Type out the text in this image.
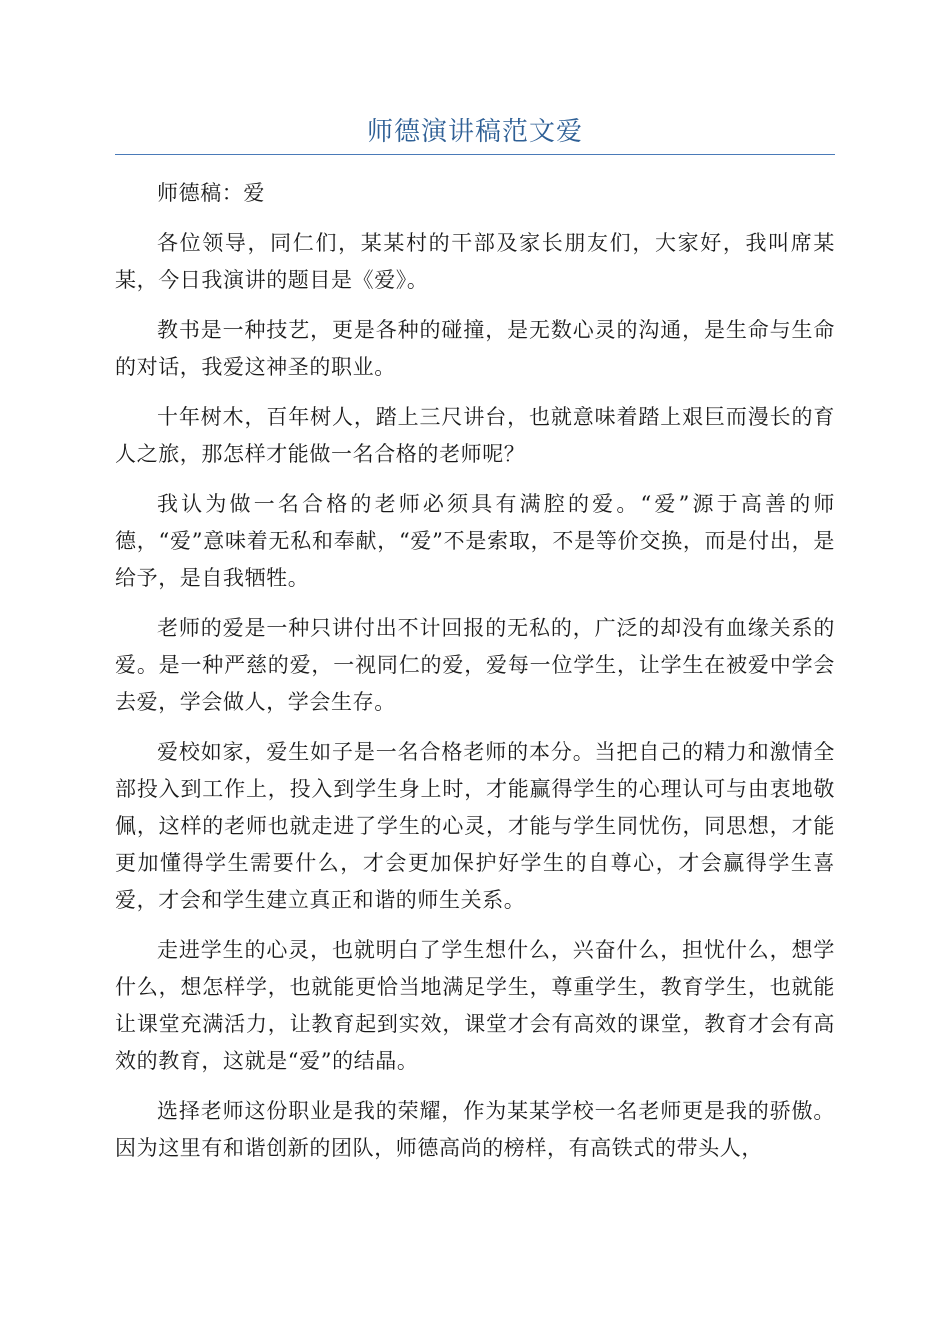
师德演讲稿范文爱

师德稿：爱

各位领导，同仁们，某某村的干部及家长朋友们，大家好，我叫席某某，今日我演讲的题目是《爱》。

教书是一种技艺，更是各种的碰撞，是无数心灵的沟通，是生命与生命的对话，我爱这神圣的职业。

十年树木，百年树人，踏上三尺讲台，也就意味着踏上艰巨而漫长的育人之旅，那怎样才能做一名合格的老师呢？

我认为做一名合格的老师必须具有满腔的爱。“爱”源于高善的师德，“爱”意味着无私和奉献，“爱”不是索取，不是等价交换，而是付出，是给予，是自我牺牲。

老师的爱是一种只讲付出不计回报的无私的，广泛的却没有血缘关系的爱。是一种严慈的爱，一视同仁的爱，爱每一位学生，让学生在被爱中学会去爱，学会做人，学会生存。

爱校如家，爱生如子是一名合格老师的本分。当把自己的精力和激情全部投入到工作上，投入到学生身上时，才能赢得学生的心理认可与由衷地敬佩，这样的老师也就走进了学生的心灵，才能与学生同忧伤，同思想，才能更加懂得学生需要什么，才会更加保护好学生的自尊心，才会赢得学生喜爱，才会和学生建立真正和谐的师生关系。

走进学生的心灵，也就明白了学生想什么，兴奋什么，担忧什么，想学什么，想怎样学，也就能更恰当地满足学生，尊重学生，教育学生，也就能让课堂充满活力，让教育起到实效，课堂才会有高效的课堂，教育才会有高效的教育，这就是“爱”的结晶。

选择老师这份职业是我的荣耀，作为某某学校一名老师更是我的骄傲。因为这里有和谐创新的团队，师德高尚的榜样，有高铁式的带头人，
